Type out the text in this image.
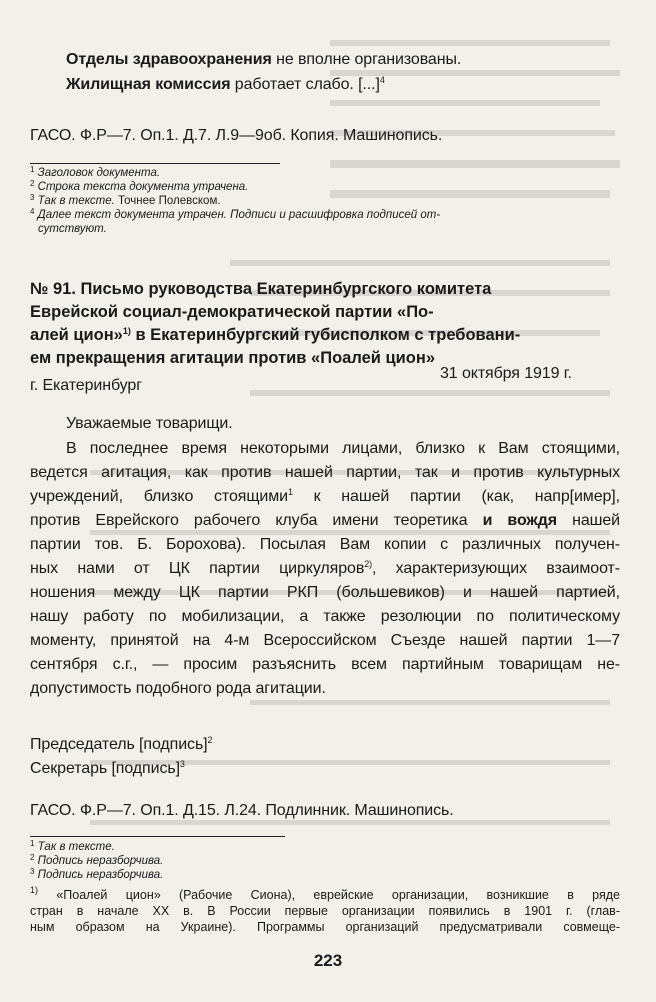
Отделы здравоохранения не вполне организованы.

Жилищная комиссия работает слабо. [...]$^4$

ГАСО. Ф.Р—7. Оп.1. Д.7. Л.9—9об. Копия. Машинопись.

$^1$ Заголовок документа.
$^2$ Строка текста документа утрачена.
$^3$ Так в тексте. Точнее Полевском.
$^4$ Далее текст документа утрачен. Подписи и расшифровка подписей от-
сутствуют.
№ 91. Письмо руководства Екатеринбургского комитета
Еврейской социал-демократической партии «По-
алей цион»$^{1)}$ в Екатеринбургский губисполком с требовани-
ем прекращения агитации против «Поалей цион»

г. Екатеринбург

31 октября 1919 г.

Уважаемые товарищи.

В последнее время некоторыми лицами, близко к Вам стоящими,
ведется агитация, как против нашей партии, так и против культурных
учреждений, близко стоящими$^1$ к нашей партии (как, напр[имер],
против Еврейского рабочего клуба имени теоретика и вождя нашей
партии тов. Б. Борохова). Посылая Вам копии с различных получен-
ных нами от ЦК партии циркуляров$^{2)}$, характеризующих взаимоот-
ношения между ЦК партии РКП (большевиков) и нашей партией,
нашу работу по мобилизации, а также резолюции по политическому
моменту, принятой на 4-м Всероссийском Съезде нашей партии 1—7
сентября с.г., — просим разъяснить всем партийным товарищам не-
допустимость подобного рода агитации.

Председатель [подпись]$^2$

Секретарь [подпись]$^3$

ГАСО. Ф.Р—7. Оп.1. Д.15. Л.24. Подлинник. Машинопись.

$^1$ Так в тексте.
$^2$ Подпись неразборчива.
$^3$ Подпись неразборчива.
$^{1)}$ «Поалей цион» (Рабочие Сиона), еврейские организации, возникшие в ряде
стран в начале XX в. В России первые организации появились в 1901 г. (глав-
ным образом на Украине). Программы организаций предусматривали совмеще-

223
